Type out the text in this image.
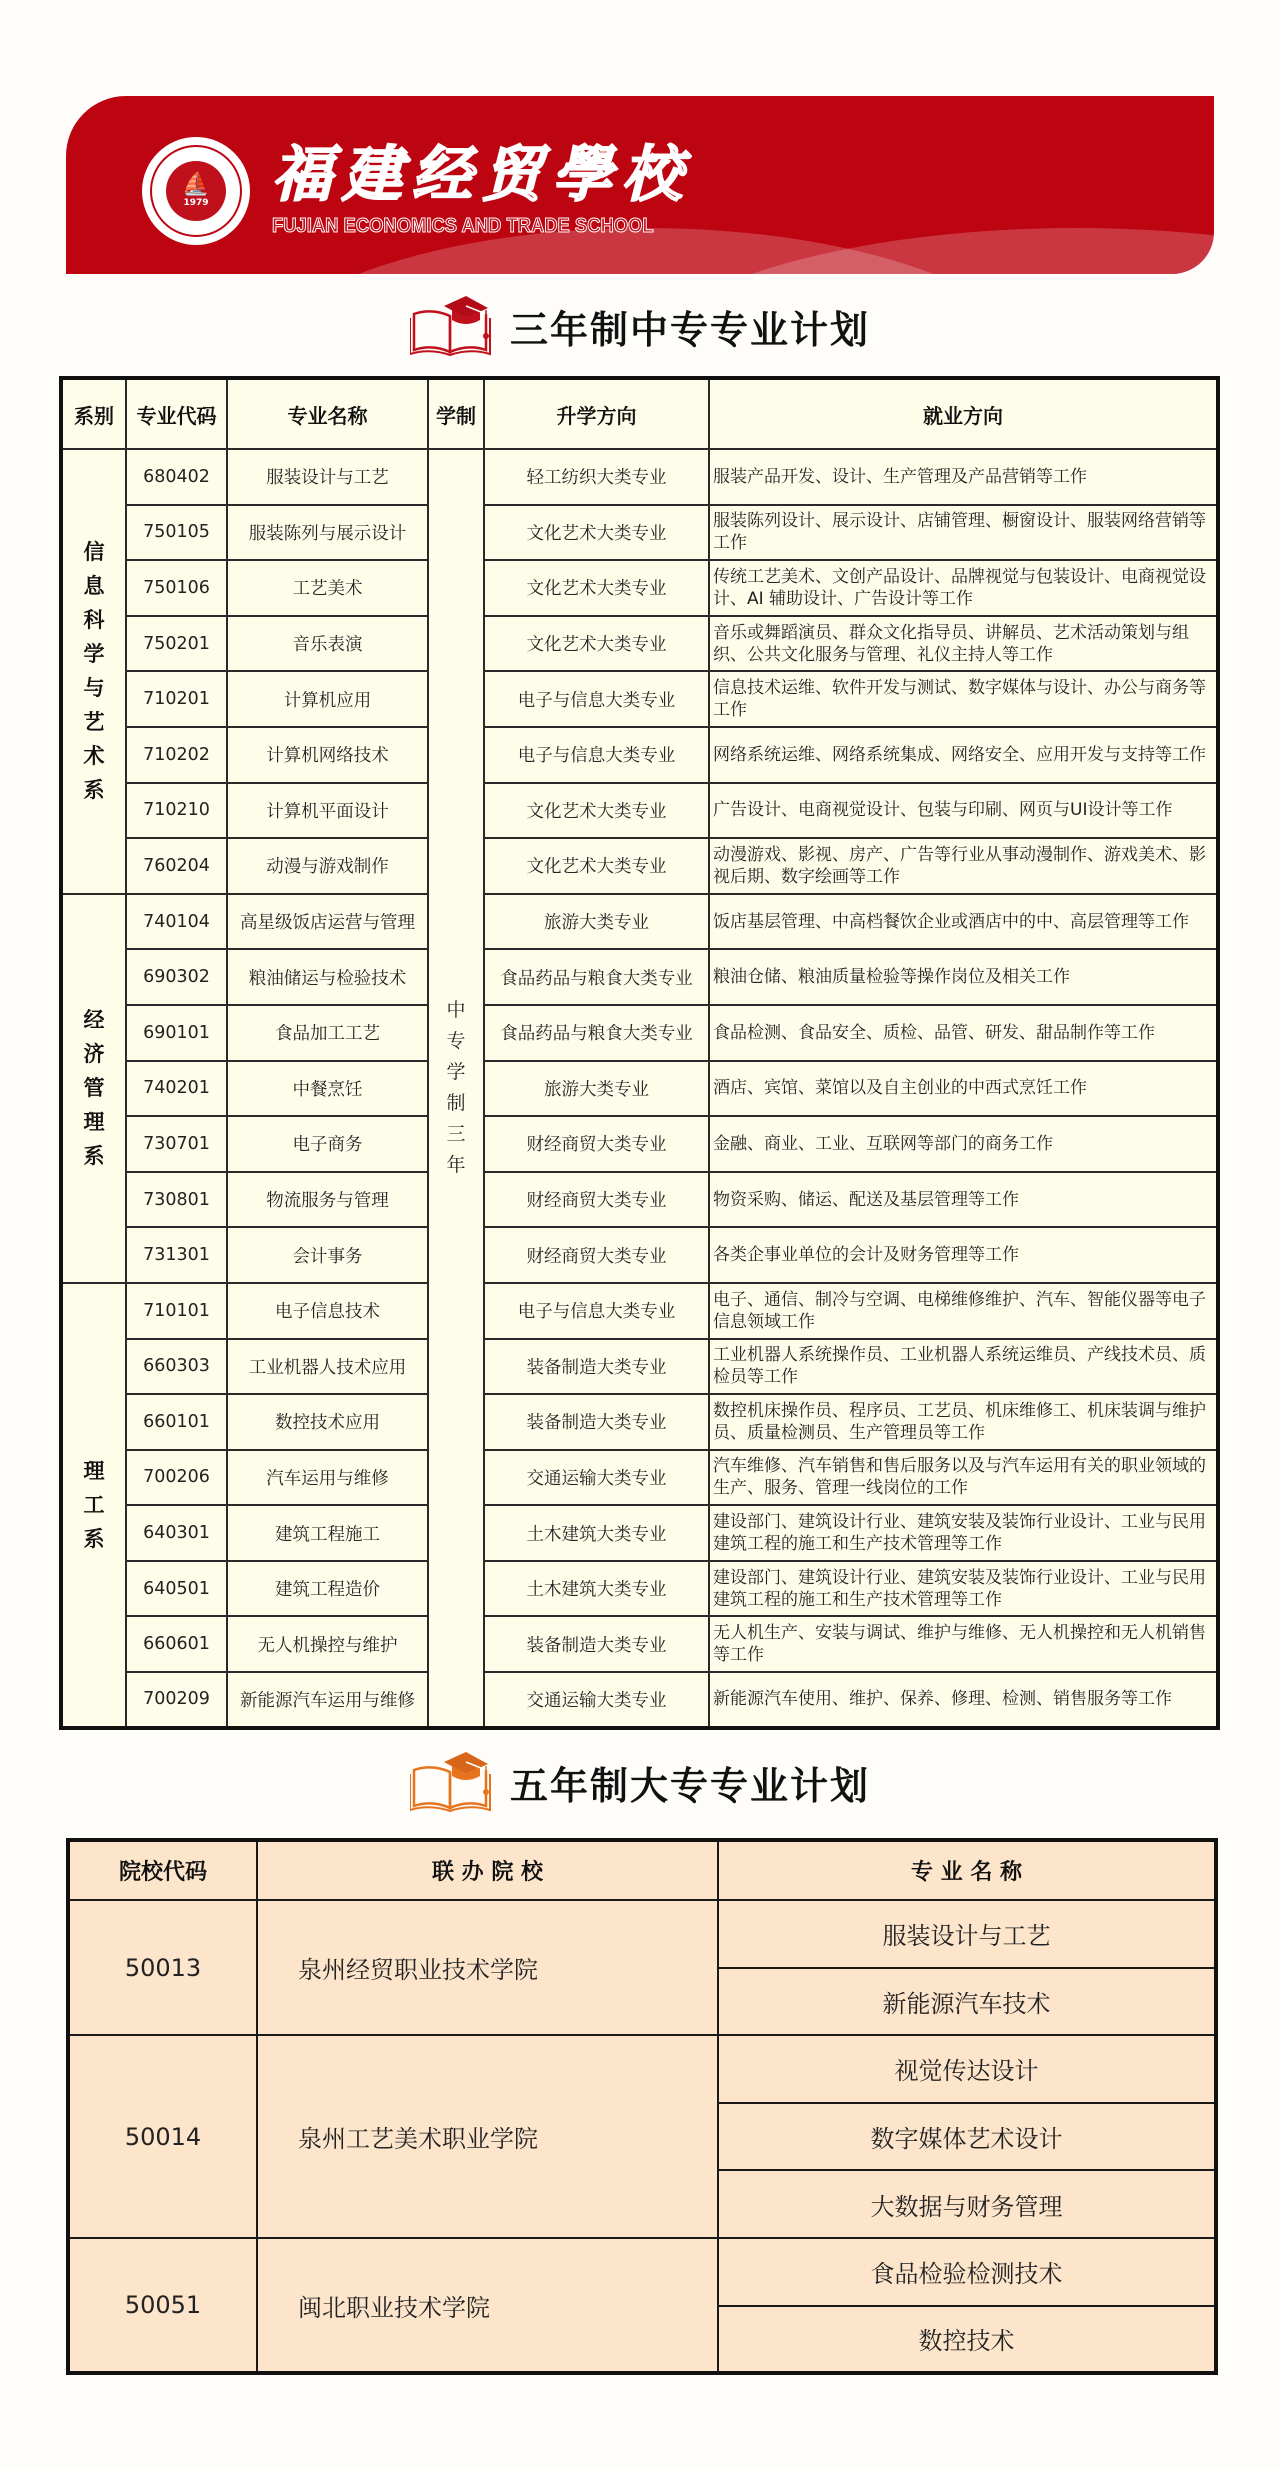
⛵
1979 福建经贸學校
FUJIAN ECONOMICS AND TRADE SCHOOL
三年制中专专业计划
系别	专业代码	专业名称	学制	升学方向	就业方向
信息科学与艺术系	680402	服装设计与工艺	中专学制三年	轻工纺织大类专业	服装产品开发、设计、生产管理及产品营销等工作
	750105	服装陈列与展示设计		文化艺术大类专业	服装陈列设计、展示设计、店铺管理、橱窗设计、服装网络营销等工作
	750106	工艺美术		文化艺术大类专业	传统工艺美术、文创产品设计、品牌视觉与包装设计、电商视觉设计、AI 辅助设计、广告设计等工作
	750201	音乐表演		文化艺术大类专业	音乐或舞蹈演员、群众文化指导员、讲解员、艺术活动策划与组织、公共文化服务与管理、礼仪主持人等工作
	710201	计算机应用		电子与信息大类专业	信息技术运维、软件开发与测试、数字媒体与设计、办公与商务等工作
	710202	计算机网络技术		电子与信息大类专业	网络系统运维、网络系统集成、网络安全、应用开发与支持等工作
	710210	计算机平面设计		文化艺术大类专业	广告设计、电商视觉设计、包装与印刷、网页与UI设计等工作
	760204	动漫与游戏制作		文化艺术大类专业	动漫游戏、影视、房产、广告等行业从事动漫制作、游戏美术、影视后期、数字绘画等工作
经济管理系	740104	高星级饭店运营与管理		旅游大类专业	饭店基层管理、中高档餐饮企业或酒店中的中、高层管理等工作
	690302	粮油储运与检验技术		食品药品与粮食大类专业	粮油仓储、粮油质量检验等操作岗位及相关工作
	690101	食品加工工艺		食品药品与粮食大类专业	食品检测、食品安全、质检、品管、研发、甜品制作等工作
	740201	中餐烹饪		旅游大类专业	酒店、宾馆、菜馆以及自主创业的中西式烹饪工作
	730701	电子商务		财经商贸大类专业	金融、商业、工业、互联网等部门的商务工作
	730801	物流服务与管理		财经商贸大类专业	物资采购、储运、配送及基层管理等工作
	731301	会计事务		财经商贸大类专业	各类企事业单位的会计及财务管理等工作
理工系	710101	电子信息技术		电子与信息大类专业	电子、通信、制冷与空调、电梯维修维护、汽车、智能仪器等电子信息领域工作
	660303	工业机器人技术应用		装备制造大类专业	工业机器人系统操作员、工业机器人系统运维员、产线技术员、质检员等工作
	660101	数控技术应用		装备制造大类专业	数控机床操作员、程序员、工艺员、机床维修工、机床装调与维护员、质量检测员、生产管理员等工作
	700206	汽车运用与维修		交通运输大类专业	汽车维修、汽车销售和售后服务以及与汽车运用有关的职业领域的生产、服务、管理一线岗位的工作
	640301	建筑工程施工		土木建筑大类专业	建设部门、建筑设计行业、建筑安装及装饰行业设计、工业与民用建筑工程的施工和生产技术管理等工作
	640501	建筑工程造价		土木建筑大类专业	建设部门、建筑设计行业、建筑安装及装饰行业设计、工业与民用建筑工程的施工和生产技术管理等工作
	660601	无人机操控与维护		装备制造大类专业	无人机生产、安装与调试、维护与维修、无人机操控和无人机销售等工作
	700209	新能源汽车运用与维修		交通运输大类专业	新能源汽车使用、维护、保养、修理、检测、销售服务等工作
五年制大专专业计划
院校代码	联 办 院 校	专 业 名 称
50013	泉州经贸职业技术学院	服装设计与工艺
		新能源汽车技术
50014	泉州工艺美术职业学院	视觉传达设计
		数字媒体艺术设计
		大数据与财务管理
50051	闽北职业技术学院	食品检验检测技术
		数控技术
